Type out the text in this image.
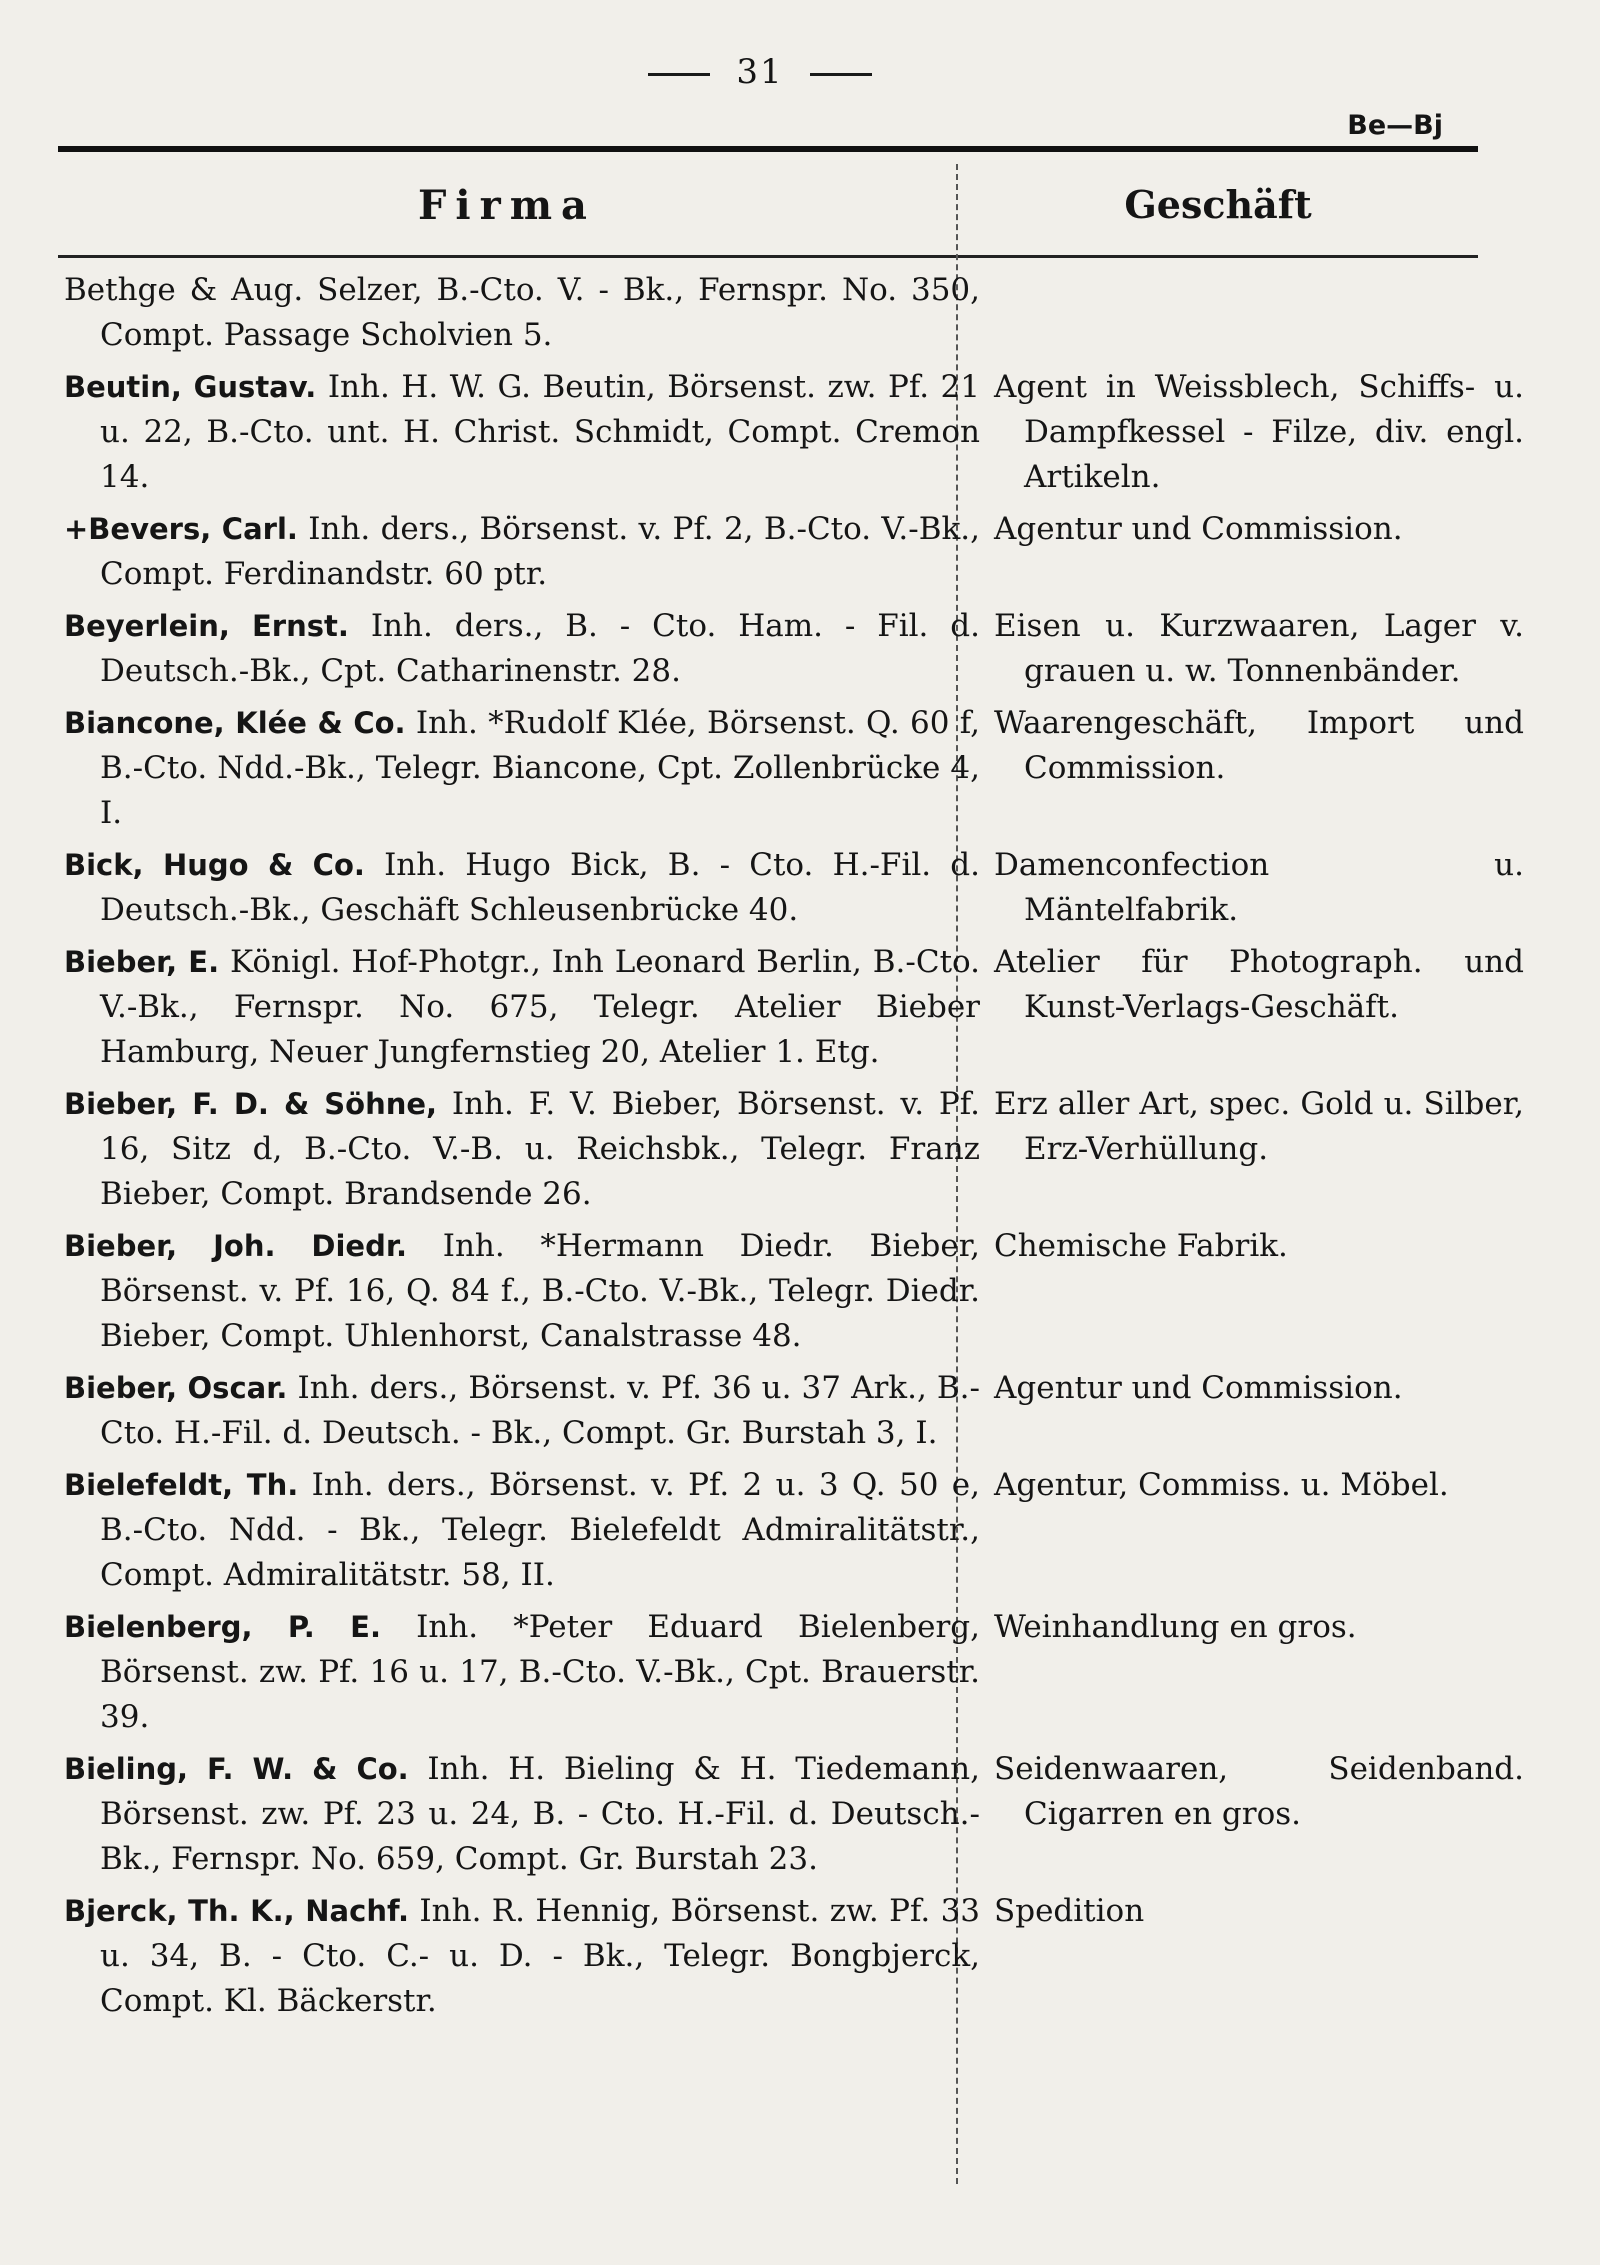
31
Be—Bj
Firma	Geschäft
Bethge & Aug. Selzer, B.-Cto. V. - Bk., Fernspr. No. 350, Compt. Passage Scholvien 5.
Beutin, Gustav. Inh. H. W. G. Beutin, Börsenst. zw. Pf. 21 u. 22, B.-Cto. unt. H. Christ. Schmidt, Compt. Cremon 14.
Agent in Weissblech, Schiffs- u. Dampfkessel - Filze, div. engl. Artikeln.
+Bevers, Carl. Inh. ders., Börsenst. v. Pf. 2, B.-Cto. V.-Bk., Compt. Ferdinandstr. 60 ptr.
Agentur und Commission.
Beyerlein, Ernst. Inh. ders., B. - Cto. Ham. - Fil. d. Deutsch.-Bk., Cpt. Catharinenstr. 28.
Eisen u. Kurzwaaren, Lager v. grauen u. w. Tonnenbänder.
Biancone, Klée & Co. Inh. *Rudolf Klée, Börsenst. Q. 60 f, B.-Cto. Ndd.-Bk., Telegr. Biancone, Cpt. Zollenbrücke 4, I.
Waarengeschäft, Import und Commission.
Bick, Hugo & Co. Inh. Hugo Bick, B. - Cto. H.-Fil. d. Deutsch.-Bk., Geschäft Schleusenbrücke 40.
Damenconfection u. Mäntelfabrik.
Bieber, E. Königl. Hof-Photgr., Inh Leonard Berlin, B.-Cto. V.-Bk., Fernspr. No. 675, Telegr. Atelier Bieber Hamburg, Neuer Jungfernstieg 20, Atelier 1. Etg.
Atelier für Photograph. und Kunst-Verlags-Geschäft.
Bieber, F. D. & Söhne, Inh. F. V. Bieber, Börsenst. v. Pf. 16, Sitz d, B.-Cto. V.-B. u. Reichsbk., Telegr. Franz Bieber, Compt. Brandsende 26.
Erz aller Art, spec. Gold u. Silber, Erz-Verhüllung.
Bieber, Joh. Diedr. Inh. *Hermann Diedr. Bieber, Börsenst. v. Pf. 16, Q. 84 f., B.-Cto. V.-Bk., Telegr. Diedr. Bieber, Compt. Uhlenhorst, Canalstrasse 48.
Chemische Fabrik.
Bieber, Oscar. Inh. ders., Börsenst. v. Pf. 36 u. 37 Ark., B.-Cto. H.-Fil. d. Deutsch. - Bk., Compt. Gr. Burstah 3, I.
Agentur und Commission.
Bielefeldt, Th. Inh. ders., Börsenst. v. Pf. 2 u. 3 Q. 50 e, B.-Cto. Ndd. - Bk., Telegr. Bielefeldt Admiralitätstr., Compt. Admiralitätstr. 58, II.
Agentur, Commiss. u. Möbel.
Bielenberg, P. E. Inh. *Peter Eduard Bielenberg, Börsenst. zw. Pf. 16 u. 17, B.-Cto. V.-Bk., Cpt. Brauerstr. 39.
Weinhandlung en gros.
Bieling, F. W. & Co. Inh. H. Bieling & H. Tiedemann, Börsenst. zw. Pf. 23 u. 24, B. - Cto. H.-Fil. d. Deutsch.-Bk., Fernspr. No. 659, Compt. Gr. Burstah 23.
Seidenwaaren, Seidenband. Cigarren en gros.
Bjerck, Th. K., Nachf. Inh. R. Hennig, Börsenst. zw. Pf. 33 u. 34, B. - Cto. C.- u. D. - Bk., Telegr. Bongbjerck, Compt. Kl. Bäckerstr.
Spedition
